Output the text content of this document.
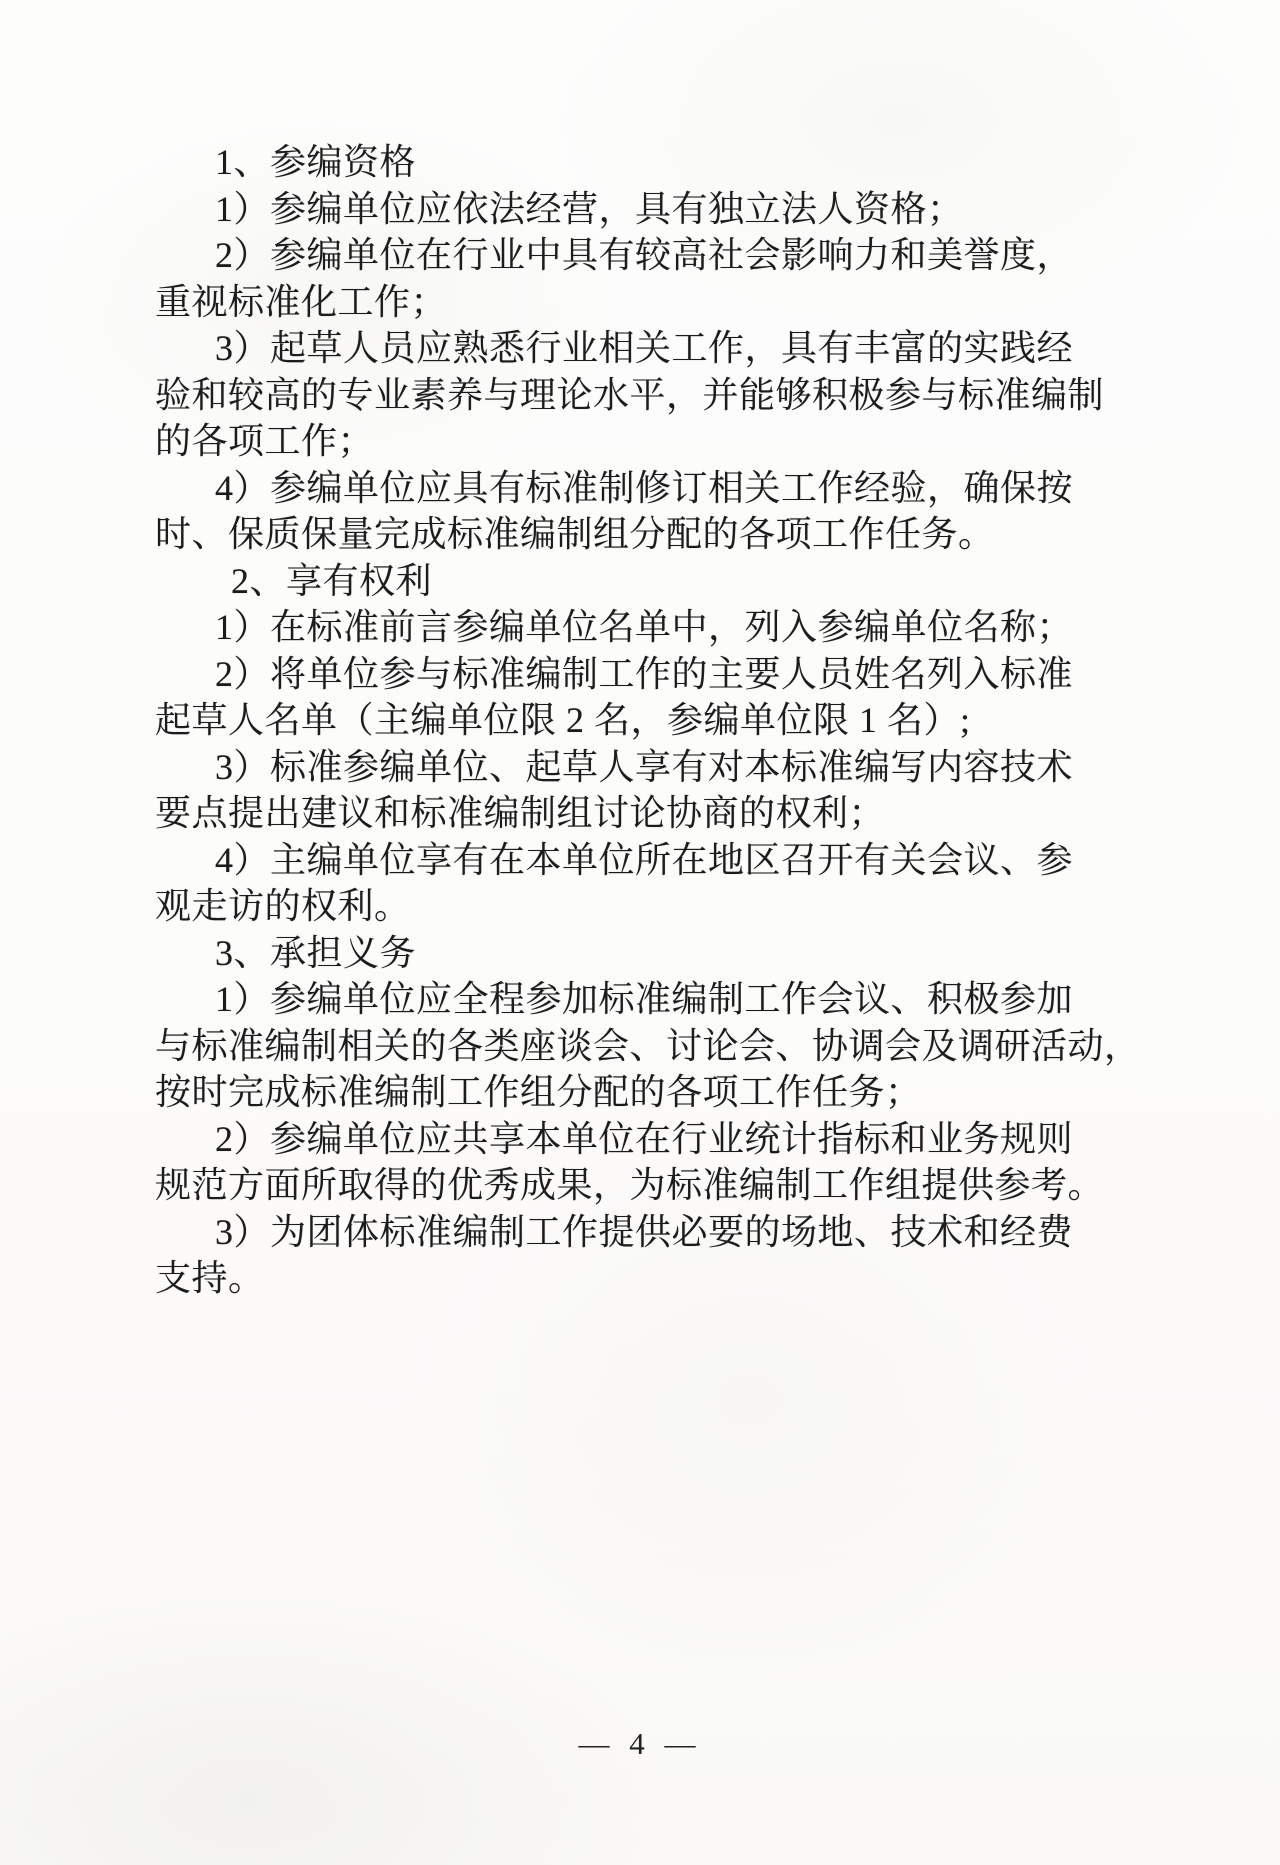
1、参编资格
1）参编单位应依法经营，具有独立法人资格；
2）参编单位在行业中具有较高社会影响力和美誉度，
重视标准化工作；
3）起草人员应熟悉行业相关工作，具有丰富的实践经
验和较高的专业素养与理论水平，并能够积极参与标准编制
的各项工作；
4）参编单位应具有标准制修订相关工作经验，确保按
时、保质保量完成标准编制组分配的各项工作任务。
2、享有权利
1）在标准前言参编单位名单中，列入参编单位名称；
2）将单位参与标准编制工作的主要人员姓名列入标准
起草人名单（主编单位限 2 名，参编单位限 1 名）;
3）标准参编单位、起草人享有对本标准编写内容技术
要点提出建议和标准编制组讨论协商的权利；
4）主编单位享有在本单位所在地区召开有关会议、参
观走访的权利。
3、承担义务
1）参编单位应全程参加标准编制工作会议、积极参加
与标准编制相关的各类座谈会、讨论会、协调会及调研活动，
按时完成标准编制工作组分配的各项工作任务；
2）参编单位应共享本单位在行业统计指标和业务规则
规范方面所取得的优秀成果，为标准编制工作组提供参考。
3）为团体标准编制工作提供必要的场地、技术和经费
支持。
— 4 —
